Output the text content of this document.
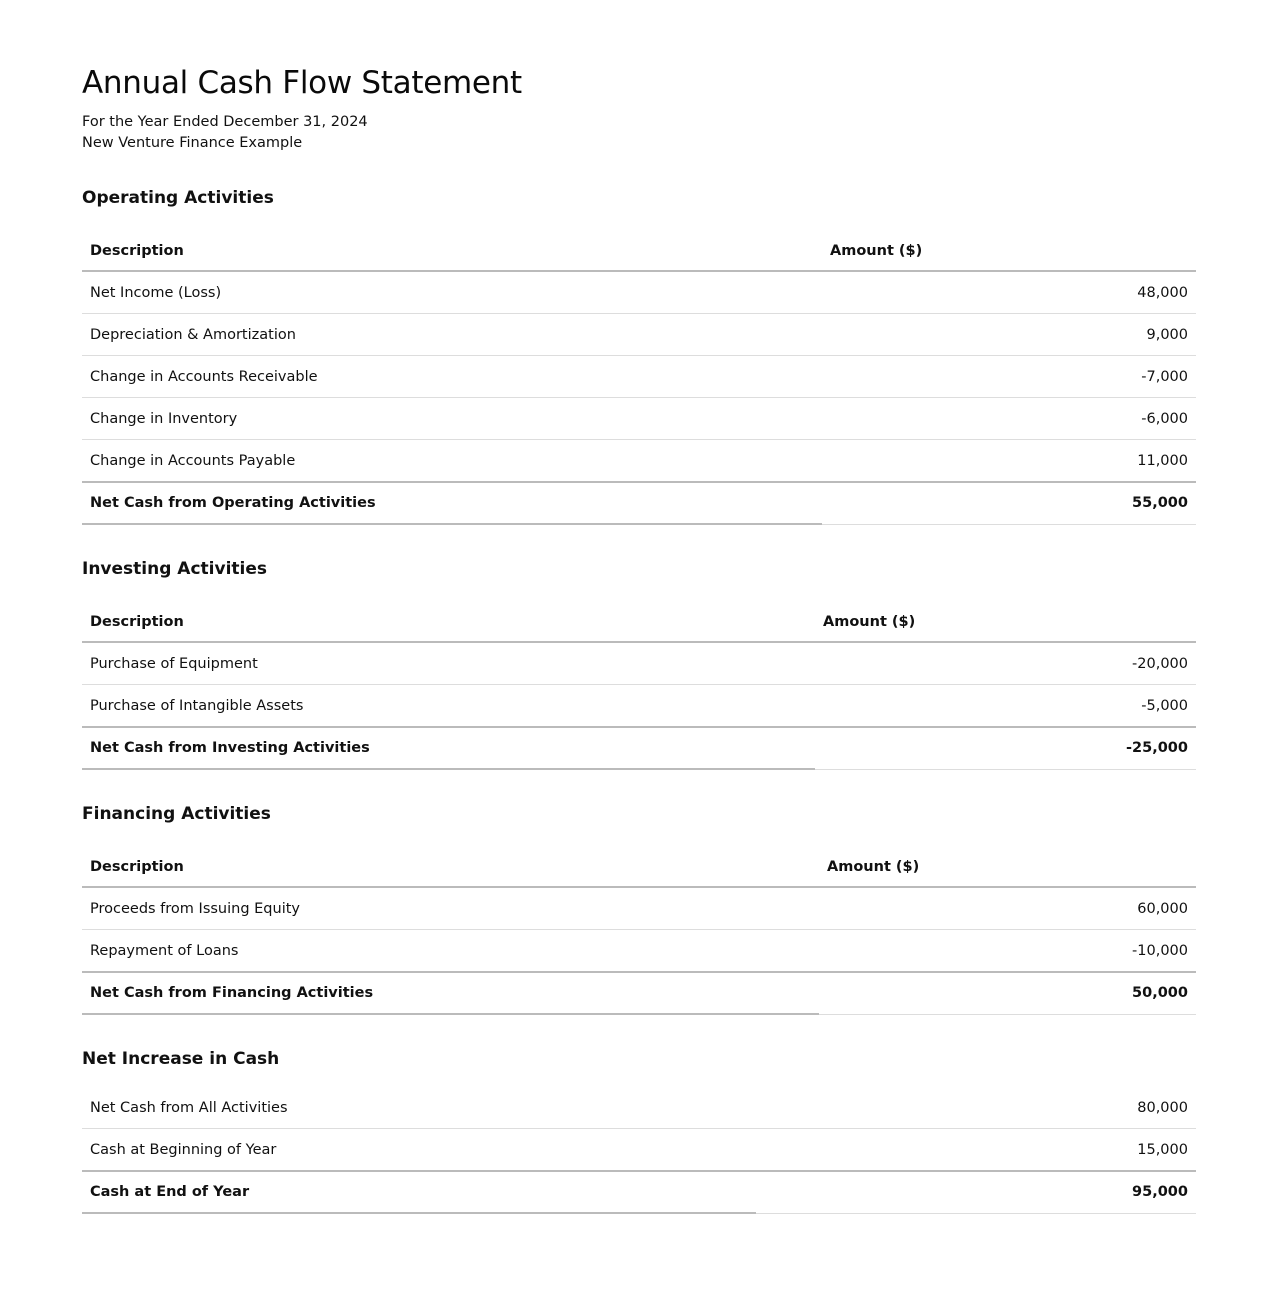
Annual Cash Flow Statement
For the Year Ended December 31, 2024
New Venture Finance Example
Operating Activities
Description	Amount ($)
Net Income (Loss)	48,000
Depreciation & Amortization	9,000
Change in Accounts Receivable	-7,000
Change in Inventory	-6,000
Change in Accounts Payable	11,000
Net Cash from Operating Activities	55,000
Investing Activities
Description	Amount ($)
Purchase of Equipment	-20,000
Purchase of Intangible Assets	-5,000
Net Cash from Investing Activities	-25,000
Financing Activities
Description	Amount ($)
Proceeds from Issuing Equity	60,000
Repayment of Loans	-10,000
Net Cash from Financing Activities	50,000
Net Increase in Cash
Net Cash from All Activities	80,000
Cash at Beginning of Year	15,000
Cash at End of Year	95,000
